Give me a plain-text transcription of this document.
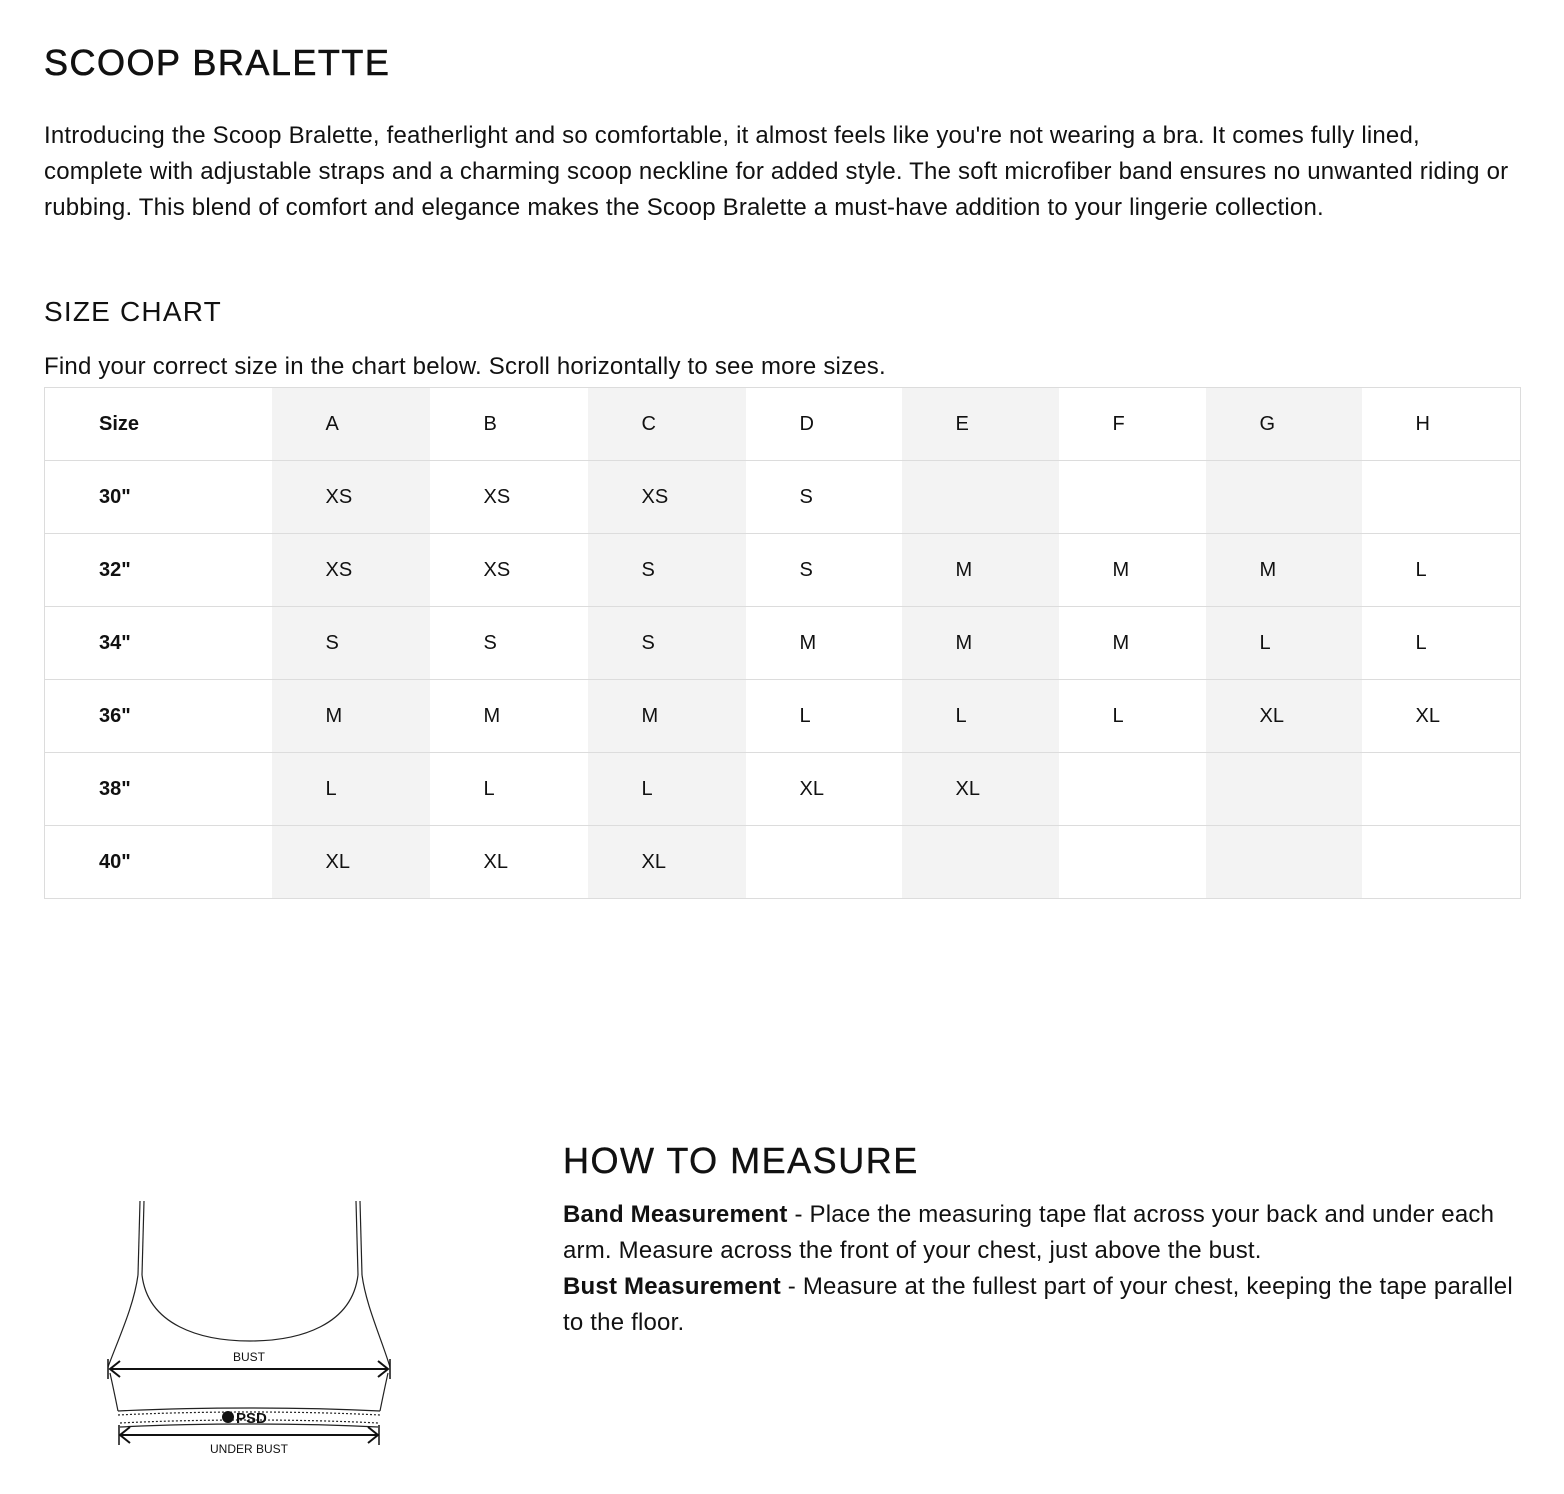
SCOOP BRALETTE

Introducing the Scoop Bralette, featherlight and so comfortable, it almost feels like you're not wearing a bra. It comes fully lined, complete with adjustable straps and a charming scoop neckline for added style. The soft microfiber band ensures no unwanted riding or rubbing. This blend of comfort and elegance makes the Scoop Bralette a must-have addition to your lingerie collection.

SIZE CHART

Find your correct size in the chart below. Scroll horizontally to see more sizes.

Size	A	B	C	D	E	F	G	H
30"	XS	XS	XS	S				
32"	XS	XS	S	S	M	M	M	L
34"	S	S	S	M	M	M	L	L
36"	M	M	M	L	L	L	XL	XL
38"	L	L	L	XL	XL			
40"	XL	XL	XL					
BUST
PSD
UNDER BUST
HOW TO MEASURE

Band Measurement - Place the measuring tape flat across your back and under each arm. Measure across the front of your chest, just above the bust.
Bust Measurement - Measure at the fullest part of your chest, keeping the tape parallel to the floor.
